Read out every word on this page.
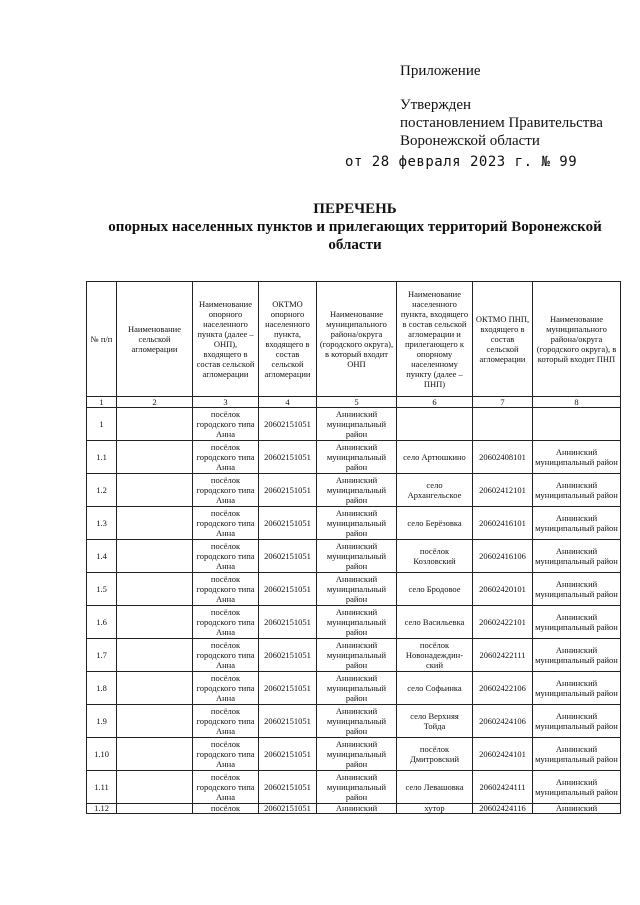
Приложение
Утвержден
постановлением Правительства
Воронежской области
от 28 февраля 2023 г. № 99
ПЕРЕЧЕНЬ
опорных населенных пунктов и прилегающих территорий Воронежской
области
№ п/п	Наименование сельской агломерации	Наименование опорного населенного пункта (далее – ОНП), входящего в состав сельской агломерации	ОКТМО опорного населенного пункта, входящего в состав сельской агломерации	Наименование муниципального района/округа (городского округа), в который входит ОНП	Наименование населенного пункта, входящего в состав сельской агломерации и прилегающего к опорному населенному пункту (далее – ПНП)	ОКТМО ПНП, входящего в состав сельской агломерации	Наименование муниципального района/округа (городского округа), в который входит ПНП
1	2	3	4	5	6	7	8
1		посёлок городского типа Анна	20602151051	Аннинский муниципальный район			
1.1		посёлок городского типа Анна	20602151051	Аннинский муниципальный район	село Артюшкино	20602408101	Аннинский муниципальный район
1.2		посёлок городского типа Анна	20602151051	Аннинский муниципальный район	село Архангельское	20602412101	Аннинский муниципальный район
1.3		посёлок городского типа Анна	20602151051	Аннинский муниципальный район	село Берёзовка	20602416101	Аннинский муниципальный район
1.4		посёлок городского типа Анна	20602151051	Аннинский муниципальный район	посёлок Козловский	20602416106	Аннинский муниципальный район
1.5		посёлок городского типа Анна	20602151051	Аннинский муниципальный район	село Бродовое	20602420101	Аннинский муниципальный район
1.6		посёлок городского типа Анна	20602151051	Аннинский муниципальный район	село Васильевка	20602422101	Аннинский муниципальный район
1.7		посёлок городского типа Анна	20602151051	Аннинский муниципальный район	посёлок Новонадеждин-ский	20602422111	Аннинский муниципальный район
1.8		посёлок городского типа Анна	20602151051	Аннинский муниципальный район	село Софьинка	20602422106	Аннинский муниципальный район
1.9		посёлок городского типа Анна	20602151051	Аннинский муниципальный район	село Верхняя Тойда	20602424106	Аннинский муниципальный район
1.10		посёлок городского типа Анна	20602151051	Аннинский муниципальный район	посёлок Дмитровский	20602424101	Аннинский муниципальный район
1.11		посёлок городского типа Анна	20602151051	Аннинский муниципальный район	село Левашовка	20602424111	Аннинский муниципальный район
1.12		посёлок	20602151051	Аннинский	хутор	20602424116	Аннинский
